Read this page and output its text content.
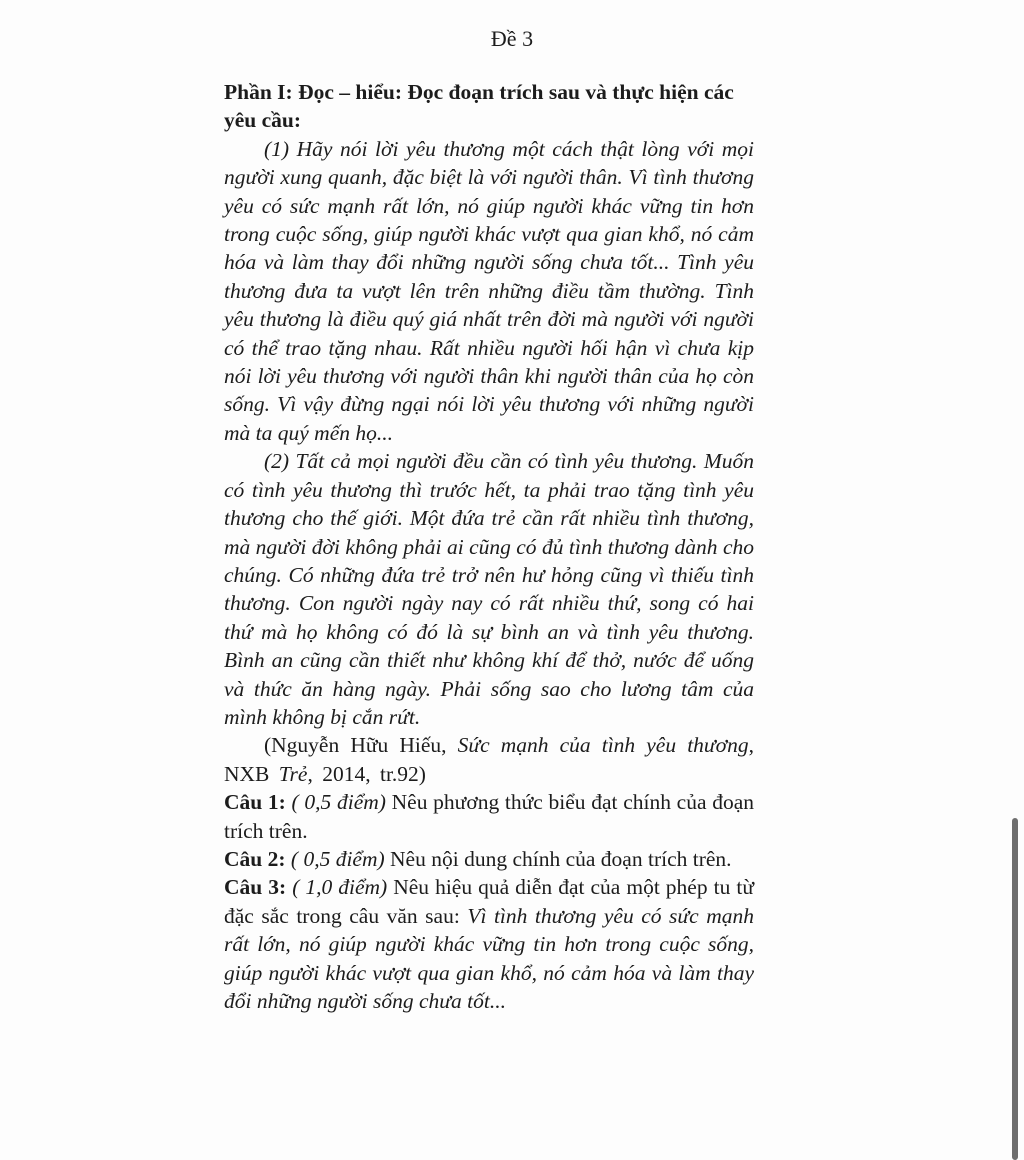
Đề 3

Phần I: Đọc – hiểu: Đọc đoạn trích sau và thực hiện các yêu cầu:

(1) Hãy nói lời yêu thương một cách thật lòng với mọi người xung quanh, đặc biệt là với người thân. Vì tình thương yêu có sức mạnh rất lớn, nó giúp người khác vững tin hơn trong cuộc sống, giúp người khác vượt qua gian khổ, nó cảm hóa và làm thay đổi những người sống chưa tốt... Tình yêu thương đưa ta vượt lên trên những điều tầm thường. Tình yêu thương là điều quý giá nhất trên đời mà người với người có thể trao tặng nhau. Rất nhiều người hối hận vì chưa kịp nói lời yêu thương với người thân khi người thân của họ còn sống. Vì vậy đừng ngại nói lời yêu thương với những người mà ta quý mến họ...

(2) Tất cả mọi người đều cần có tình yêu thương. Muốn có tình yêu thương thì trước hết, ta phải trao tặng tình yêu thương cho thế giới. Một đứa trẻ cần rất nhiều tình thương, mà người đời không phải ai cũng có đủ tình thương dành cho chúng. Có những đứa trẻ trở nên hư hỏng cũng vì thiếu tình thương. Con người ngày nay có rất nhiều thứ, song có hai thứ mà họ không có đó là sự bình an và tình yêu thương. Bình an cũng cần thiết như không khí để thở, nước để uống và thức ăn hàng ngày. Phải sống sao cho lương tâm của mình không bị cắn rứt.

(Nguyễn Hữu Hiếu, Sức mạnh của tình yêu thương, NXB Trẻ, 2014, tr.92)

Câu 1: ( 0,5 điểm) Nêu phương thức biểu đạt chính của đoạn trích trên.

Câu 2: ( 0,5 điểm) Nêu nội dung chính của đoạn trích trên.

Câu 3: ( 1,0 điểm) Nêu hiệu quả diễn đạt của một phép tu từ đặc sắc trong câu văn sau: Vì tình thương yêu có sức mạnh rất lớn, nó giúp người khác vững tin hơn trong cuộc sống, giúp người khác vượt qua gian khổ, nó cảm hóa và làm thay đổi những người sống chưa tốt...
